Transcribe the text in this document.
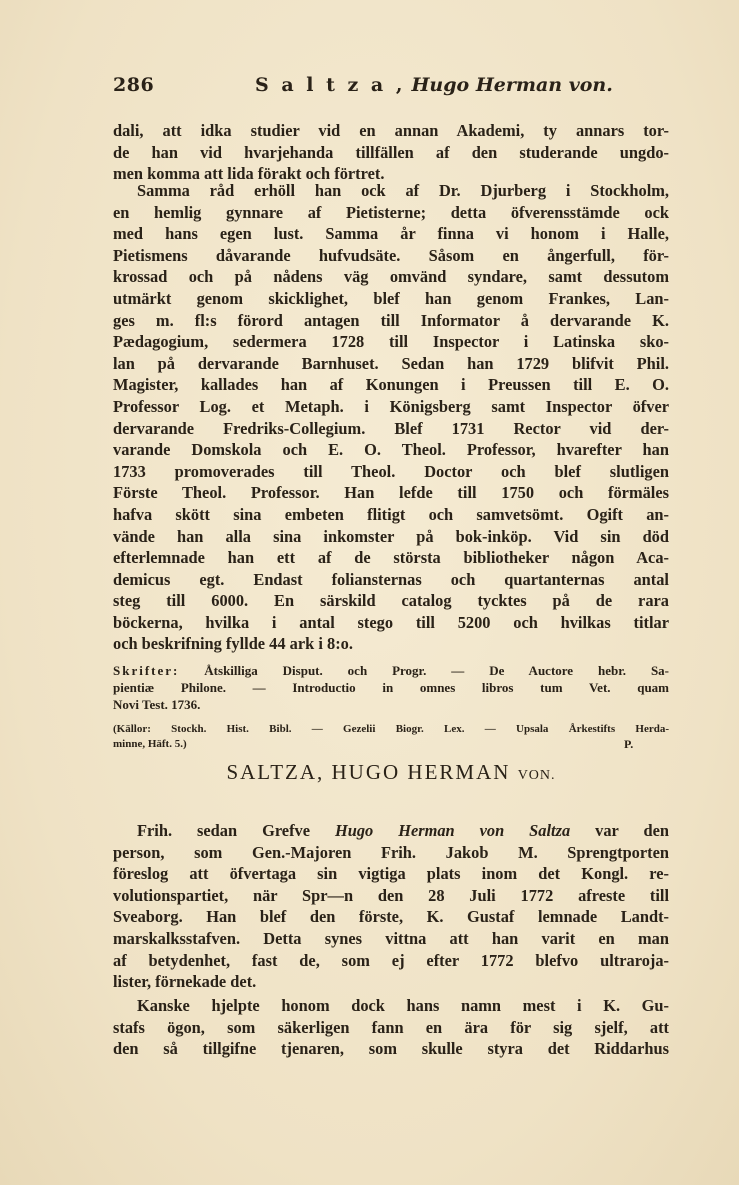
286	S a l t z a , Hugo Herman von.
dali, att idka studier vid en annan Akademi, ty annars tor-
de han vid hvarjehanda tillfällen af den studerande ungdo-
men komma att lida förakt och förtret.
Samma råd erhöll han ock af Dr. Djurberg i Stockholm,
en hemlig gynnare af Pietisterne; detta öfverensstämde ock
med hans egen lust. Samma år finna vi honom i Halle,
Pietismens dåvarande hufvudsäte. Såsom en ångerfull, för-
krossad och på nådens väg omvänd syndare, samt dessutom
utmärkt genom skicklighet, blef han genom Frankes, Lan-
ges m. fl:s förord antagen till Informator å dervarande K.
Pædagogium, sedermera 1728 till Inspector i Latinska sko-
lan på dervarande Barnhuset. Sedan han 1729 blifvit Phil.
Magister, kallades han af Konungen i Preussen till E. O.
Professor Log. et Metaph. i Königsberg samt Inspector öfver
dervarande Fredriks-Collegium. Blef 1731 Rector vid der-
varande Domskola och E. O. Theol. Professor, hvarefter han
1733 promoverades till Theol. Doctor och blef slutligen
Förste Theol. Professor. Han lefde till 1750 och förmäles
hafva skött sina embeten flitigt och samvetsömt. Ogift an-
vände han alla sina inkomster på bok-inköp. Vid sin död
efterlemnade han ett af de största bibliotheker någon Aca-
demicus egt. Endast foliansternas och quartanternas antal
steg till 6000. En särskild catalog tycktes på de rara
böckerna, hvilka i antal stego till 5200 och hvilkas titlar
och beskrifning fyllde 44 ark i 8:o.
Skrifter: Åtskilliga Disput. och Progr. — De Auctore hebr. Sa-
pientiæ Philone. — Introductio in omnes libros tum Vet. quam
Novi Test. 1736.
(Källor: Stockh. Hist. Bibl. — Gezelii Biogr. Lex. — Upsala Årkestifts Herda-
minne, Häft. 5.)	P.
SALTZA, HUGO HERMAN VON.
Frih. sedan Grefve Hugo Herman von Saltza var den
person, som Gen.-Majoren Frih. Jakob M. Sprengtporten
föreslog att öfvertaga sin vigtiga plats inom det Kongl. re-
volutionspartiet, när Spr—n den 28 Juli 1772 afreste till
Sveaborg. Han blef den förste, K. Gustaf lemnade Landt-
marskalksstafven. Detta synes vittna att han varit en man
af betydenhet, fast de, som ej efter 1772 blefvo ultraroja-
lister, förnekade det.
Kanske hjelpte honom dock hans namn mest i K. Gu-
stafs ögon, som säkerligen fann en ära för sig sjelf, att
den så tillgifne tjenaren, som skulle styra det Riddarhus
